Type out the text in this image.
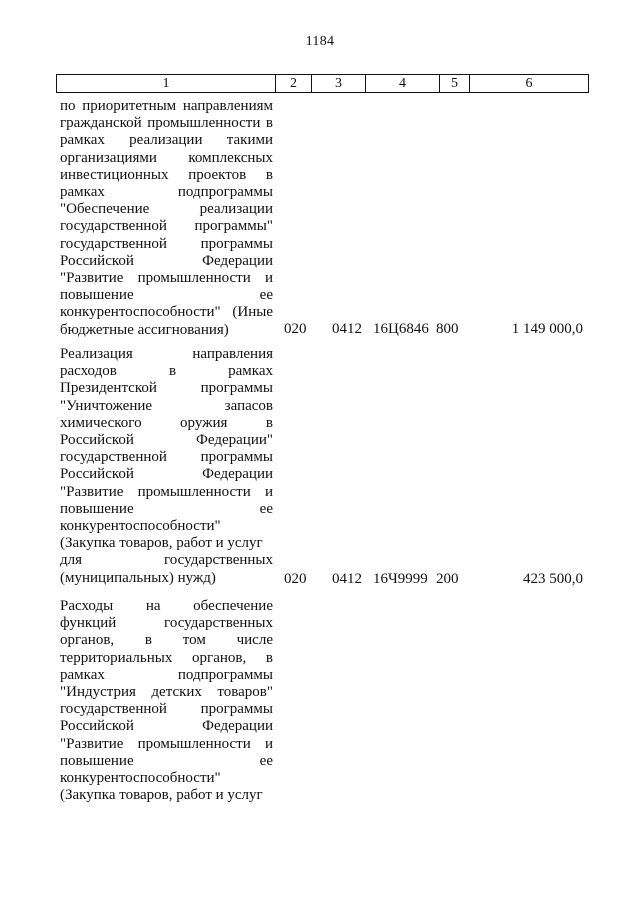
1184
1	2	3	4	5	6
по приоритетным направлениям
гражданской промышленности в
рамках реализации такими
организациями комплексных
инвестиционных проектов в
рамках подпрограммы
"Обеспечение реализации
государственной программы"
государственной программы
Российской Федерации
"Развитие промышленности и
повышение ее
конкурентоспособности" (Иные
бюджетные ассигнования)	020 0412 16Ц6846 800	1 149 000,0
Реализация направления
расходов в рамках
Президентской программы
"Уничтожение запасов
химического оружия в
Российской Федерации"
государственной программы
Российской Федерации
"Развитие промышленности и
повышение ее
конкурентоспособности"
(Закупка товаров, работ и услуг
для государственных
(муниципальных) нужд)	020 0412 16Ч9999 200	423 500,0
Расходы на обеспечение
функций государственных
органов, в том числе
территориальных органов, в
рамках подпрограммы
"Индустрия детских товаров"
государственной программы
Российской Федерации
"Развитие промышленности и
повышение ее
конкурентоспособности"
(Закупка товаров, работ и услуг
